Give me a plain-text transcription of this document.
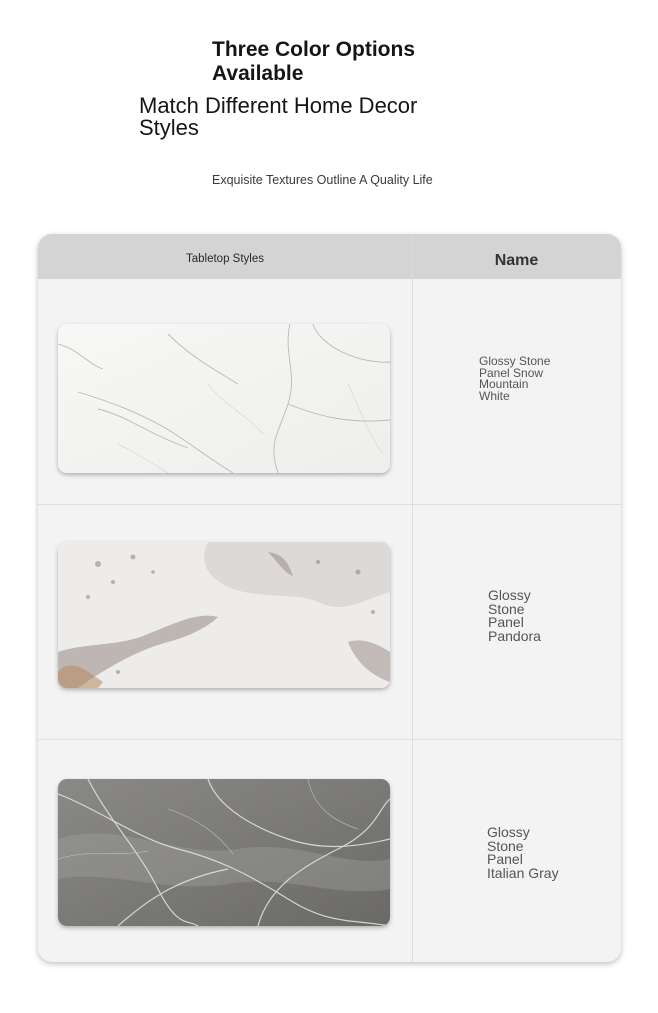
Three Color Options
Available
Match Different Home Decor
Styles
Exquisite Textures Outline A Quality Life
Tabletop Styles	Name
Glossy Stone
Panel Snow
Mountain
White
Glossy
Stone
Panel
Pandora
Glossy
Stone
Panel
Italian Gray
